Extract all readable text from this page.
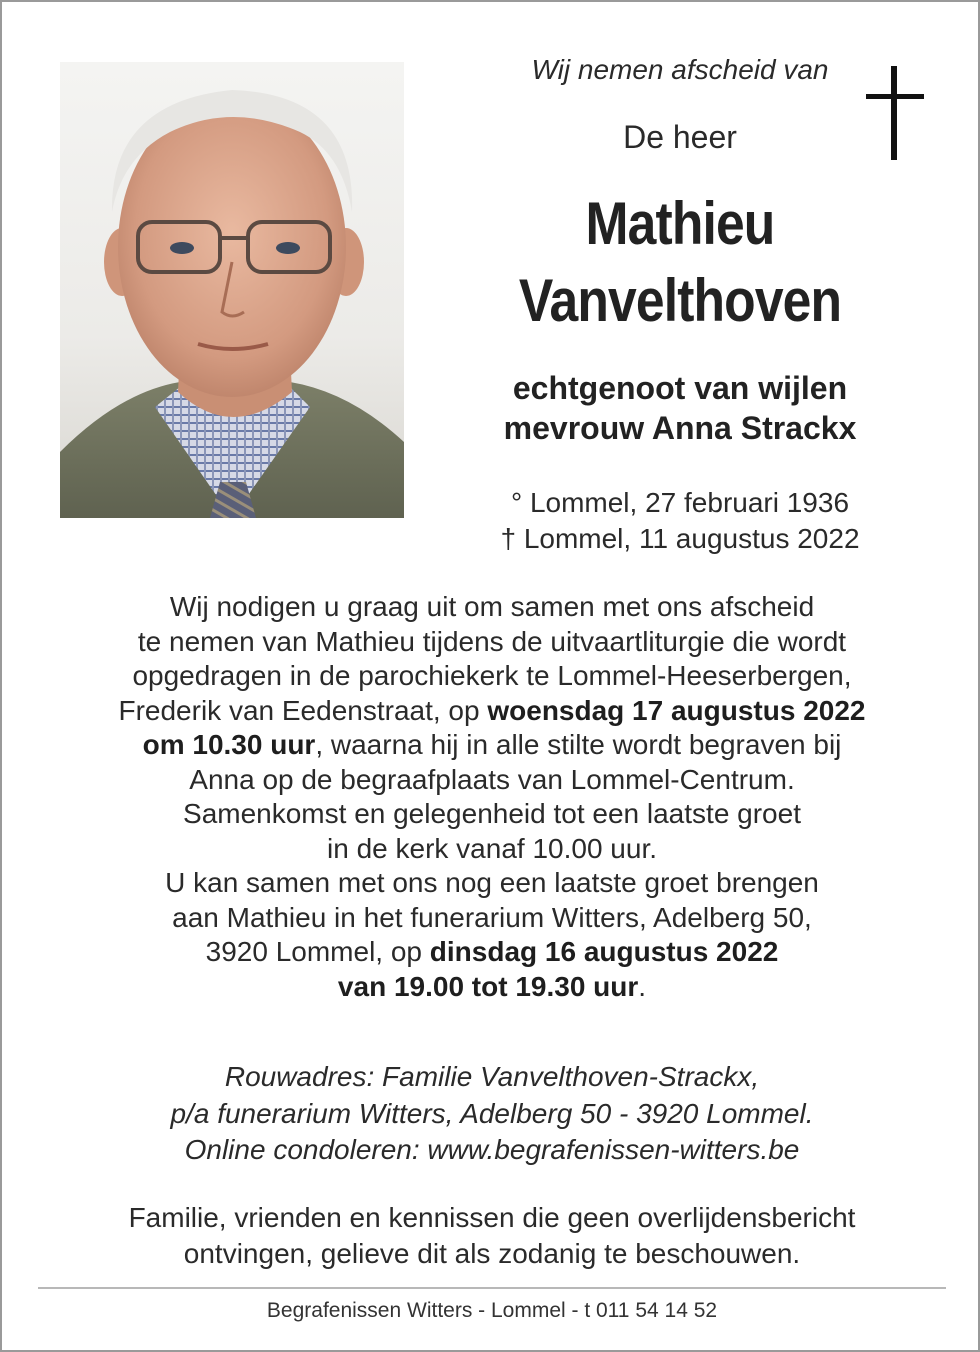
Wij nemen afscheid van
De heer
Mathieu
Vanvelthoven
echtgenoot van wijlen
mevrouw Anna Strackx
° Lommel, 27 februari 1936
† Lommel, 11 augustus 2022
Wij nodigen u graag uit om samen met ons afscheid
te nemen van Mathieu tijdens de uitvaartliturgie die wordt
opgedragen in de parochiekerk te Lommel-Heeserbergen,
Frederik van Eedenstraat, op woensdag 17 augustus 2022
om 10.30 uur, waarna hij in alle stilte wordt begraven bij
Anna op de begraafplaats van Lommel-Centrum.
Samenkomst en gelegenheid tot een laatste groet
in de kerk vanaf 10.00 uur.
U kan samen met ons nog een laatste groet brengen
aan Mathieu in het funerarium Witters, Adelberg 50,
3920 Lommel, op dinsdag 16 augustus 2022
van 19.00 tot 19.30 uur.
Rouwadres: Familie Vanvelthoven-Strackx,
p/a funerarium Witters, Adelberg 50 - 3920 Lommel.
Online condoleren: www.begrafenissen-witters.be
Familie, vrienden en kennissen die geen overlijdensbericht
ontvingen, gelieve dit als zodanig te beschouwen.
Begrafenissen Witters - Lommel - t 011 54 14 52
